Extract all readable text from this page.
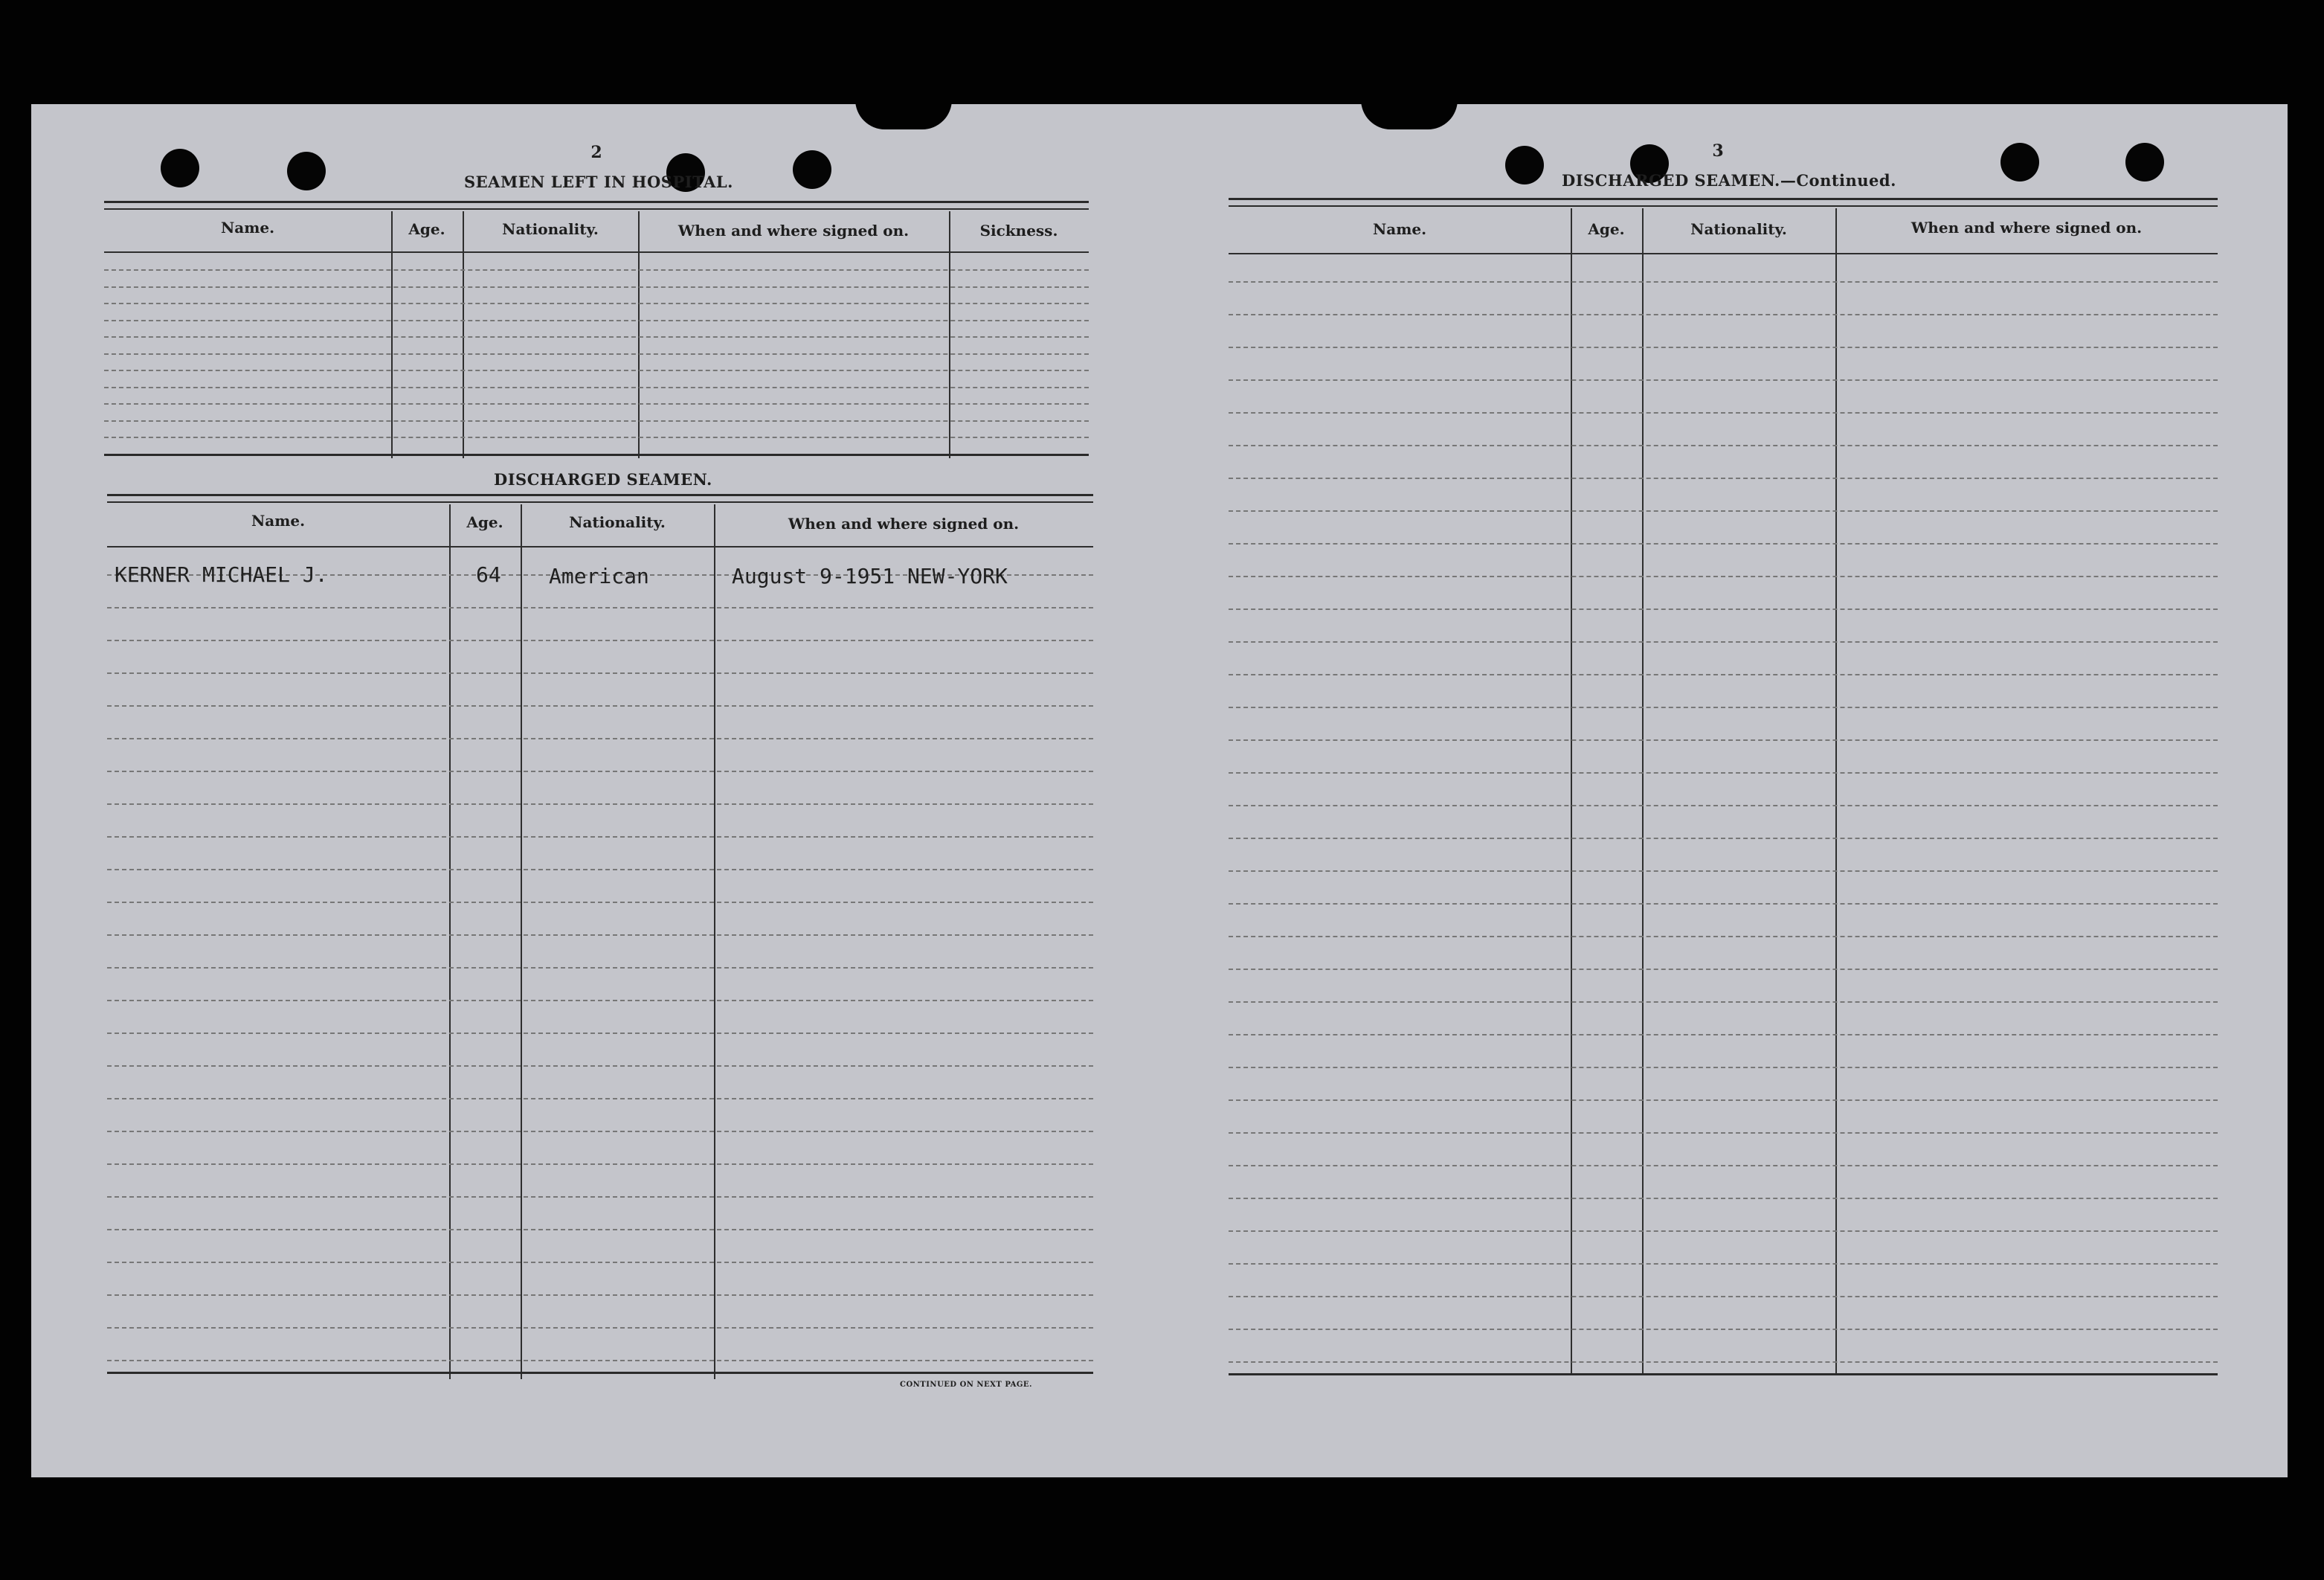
2
SEAMEN LEFT IN HOSPITAL.
Name.	Age.	Nationality.	When and where signed on.	Sickness.
DISCHARGED SEAMEN.
Name.	Age.	Nationality.	When and where signed on.
KERNER MICHAEL J.	64 American	August 9-1951 NEW-YORK
CONTINUED ON NEXT PAGE.
3
DISCHARGED SEAMEN.—Continued.
Name.	Age.	Nationality.	When and where signed on.
